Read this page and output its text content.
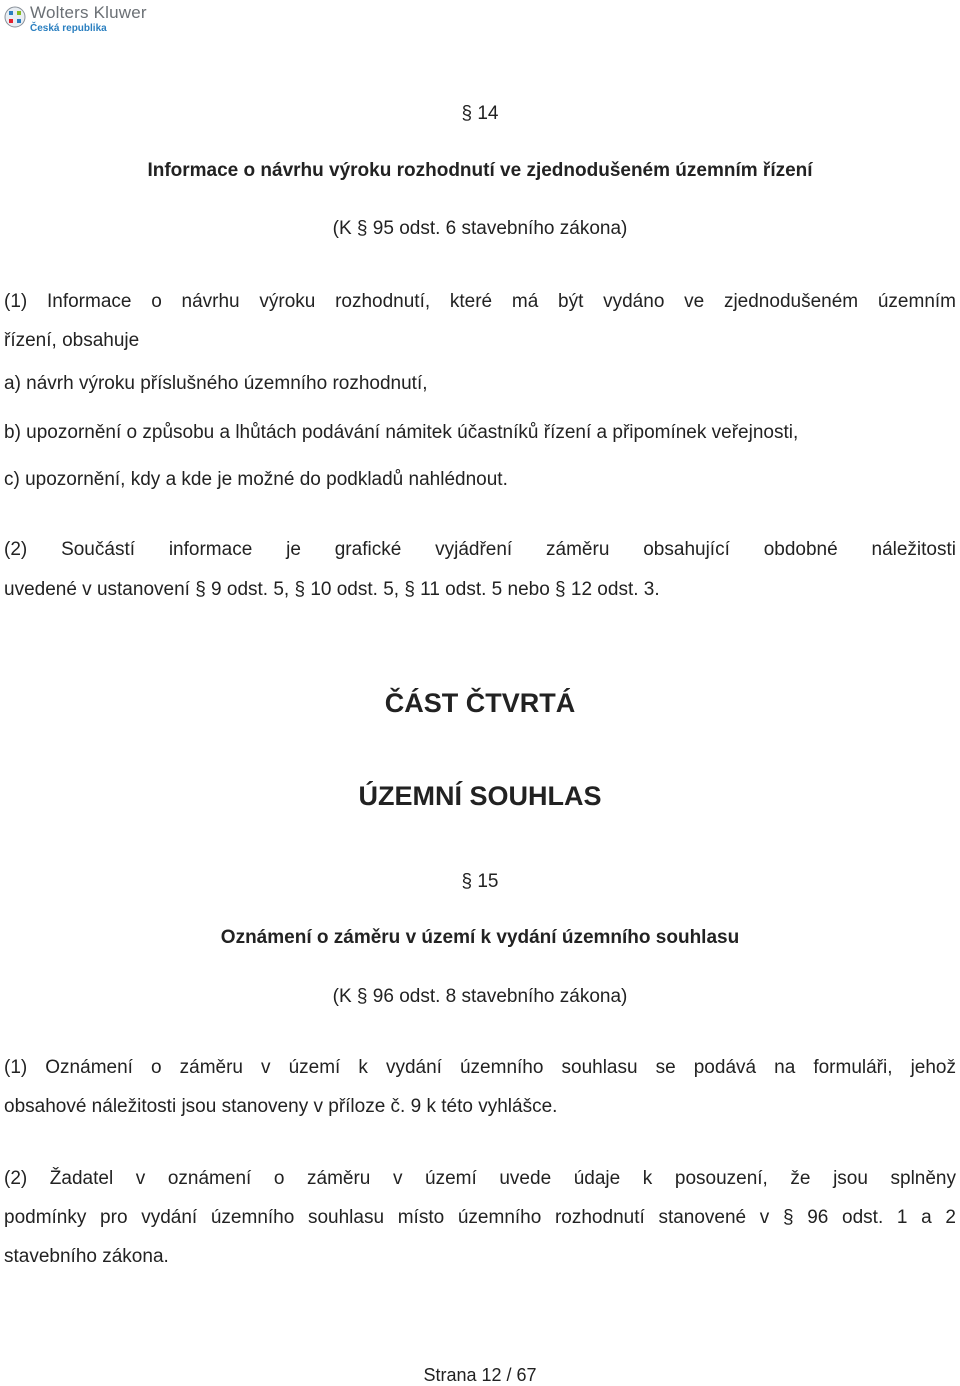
Wolters Kluwer
Česká republika
§ 14
Informace o návrhu výroku rozhodnutí ve zjednodušeném územním řízení
(K § 95 odst. 6 stavebního zákona)
(1) Informace o návrhu výroku rozhodnutí, které má být vydáno ve zjednodušeném územním
řízení, obsahuje
a) návrh výroku příslušného územního rozhodnutí,
b) upozornění o způsobu a lhůtách podávání námitek účastníků řízení a připomínek veřejnosti,
c) upozornění, kdy a kde je možné do podkladů nahlédnout.
(2) Součástí informace je grafické vyjádření záměru obsahující obdobné náležitosti
uvedené v ustanovení § 9 odst. 5, § 10 odst. 5, § 11 odst. 5 nebo § 12 odst. 3.
ČÁST ČTVRTÁ
ÚZEMNÍ SOUHLAS
§ 15
Oznámení o záměru v území k vydání územního souhlasu
(K § 96 odst. 8 stavebního zákona)
(1) Oznámení o záměru v území k vydání územního souhlasu se podává na formuláři, jehož
obsahové náležitosti jsou stanoveny v příloze č. 9 k této vyhlášce.
(2) Žadatel v oznámení o záměru v území uvede údaje k posouzení, že jsou splněny
podmínky pro vydání územního souhlasu místo územního rozhodnutí stanovené v § 96 odst. 1 a 2
stavebního zákona.
Strana 12 / 67
